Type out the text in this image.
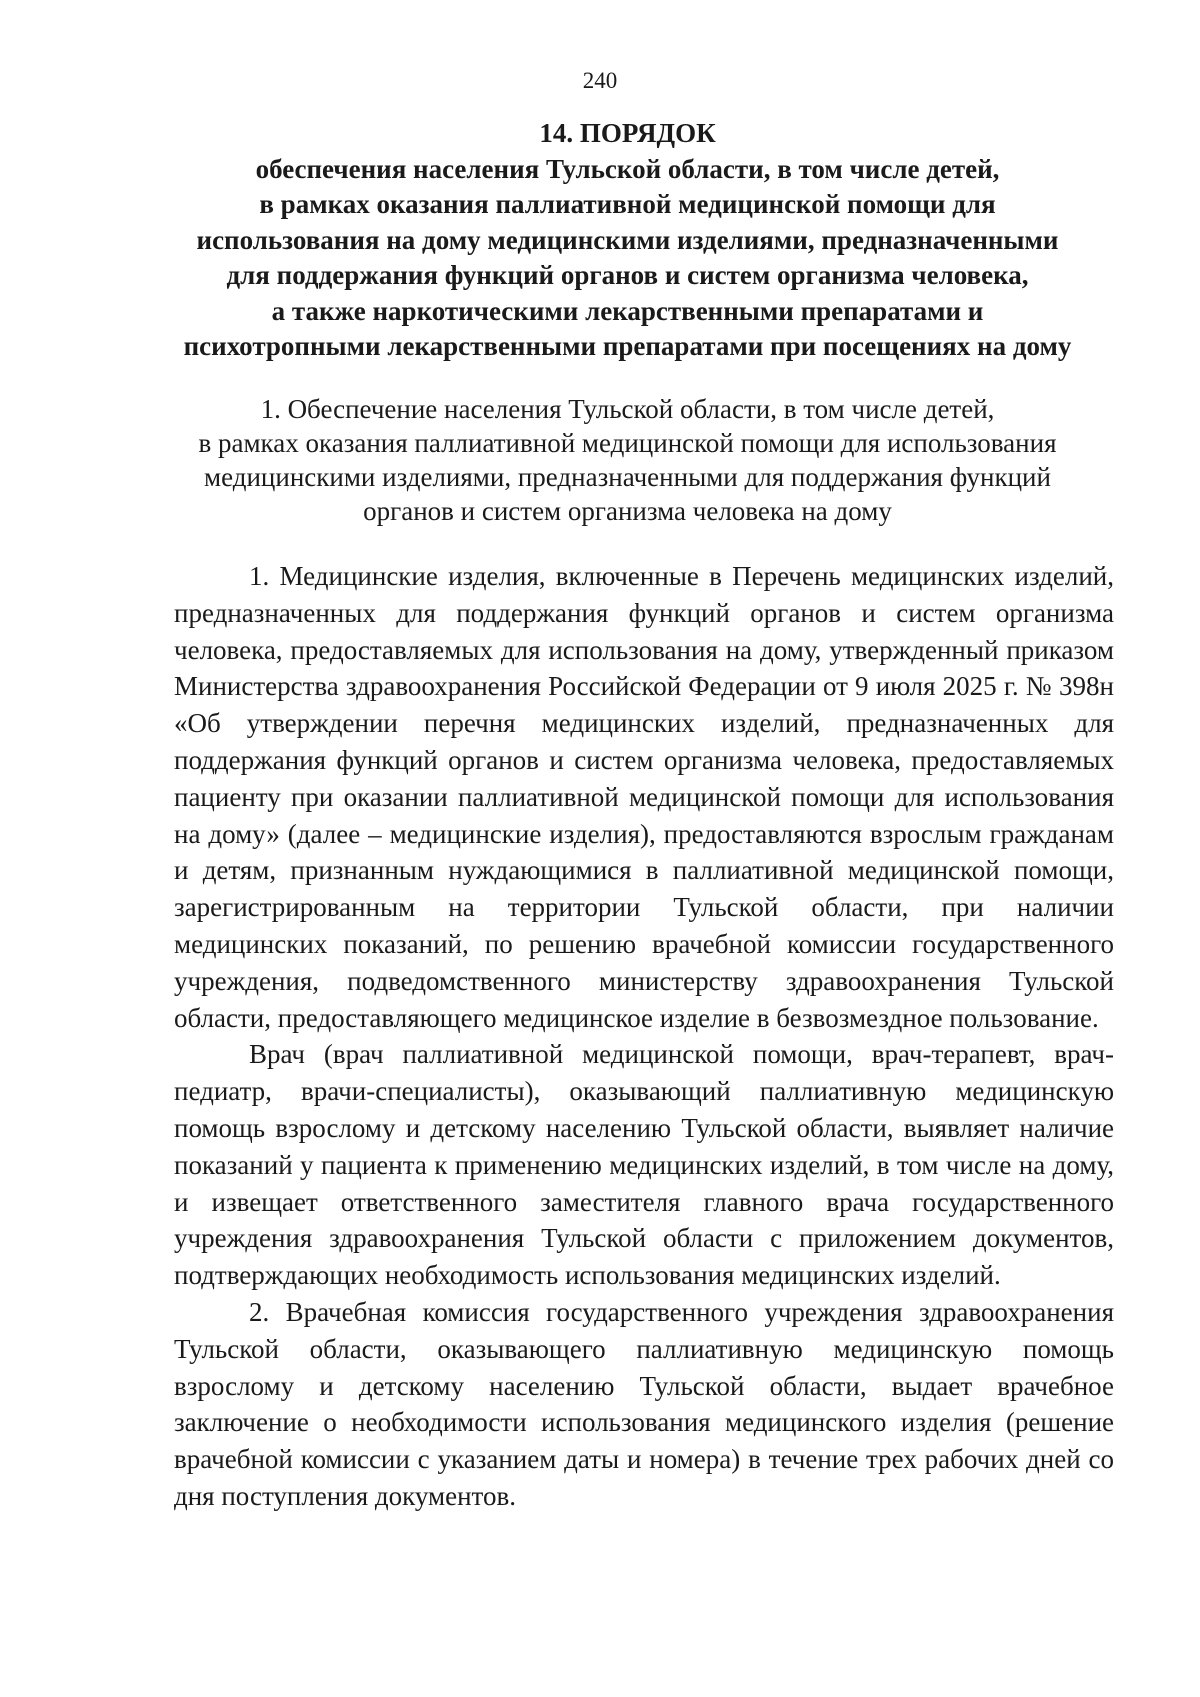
240
14. ПОРЯДОК
обеспечения населения Тульской области, в том числе детей,
в рамках оказания паллиативной медицинской помощи для
использования на дому медицинскими изделиями, предназначенными
для поддержания функций органов и систем организма человека,
а также наркотическими лекарственными препаратами и
психотропными лекарственными препаратами при посещениях на дому
1. Обеспечение населения Тульской области, в том числе детей,
в рамках оказания паллиативной медицинской помощи для использования
медицинскими изделиями, предназначенными для поддержания функций
органов и систем организма человека на дому

1. Медицинские изделия, включенные в Перечень медицинских изделий, предназначенных для поддержания функций органов и систем организма человека, предоставляемых для использования на дому, утвержденный приказом Министерства здравоохранения Российской Федерации от 9 июля 2025 г. № 398н «Об утверждении перечня медицинских изделий, предназначенных для поддержания функций органов и систем организма человека, предоставляемых пациенту при оказании паллиативной медицинской помощи для использования на дому» (далее – медицинские изделия), предоставляются взрослым гражданам и детям, признанным нуждающимися в паллиативной медицинской помощи, зарегистрированным на территории Тульской области, при наличии медицинских показаний, по решению врачебной комиссии государственного учреждения, подведомственного министерству здравоохранения Тульской области, предоставляющего медицинское изделие в безвозмездное пользование.

Врач (врач паллиативной медицинской помощи, врач-терапевт, врач-педиатр, врачи-специалисты), оказывающий паллиативную медицинскую помощь взрослому и детскому населению Тульской области, выявляет наличие показаний у пациента к применению медицинских изделий, в том числе на дому, и извещает ответственного заместителя главного врача государственного учреждения здравоохранения Тульской области с приложением документов, подтверждающих необходимость использования медицинских изделий.

2. Врачебная комиссия государственного учреждения здравоохранения Тульской области, оказывающего паллиативную медицинскую помощь взрослому и детскому населению Тульской области, выдает врачебное заключение о необходимости использования медицинского изделия (решение врачебной комиссии с указанием даты и номера) в течение трех рабочих дней со дня поступления документов.
